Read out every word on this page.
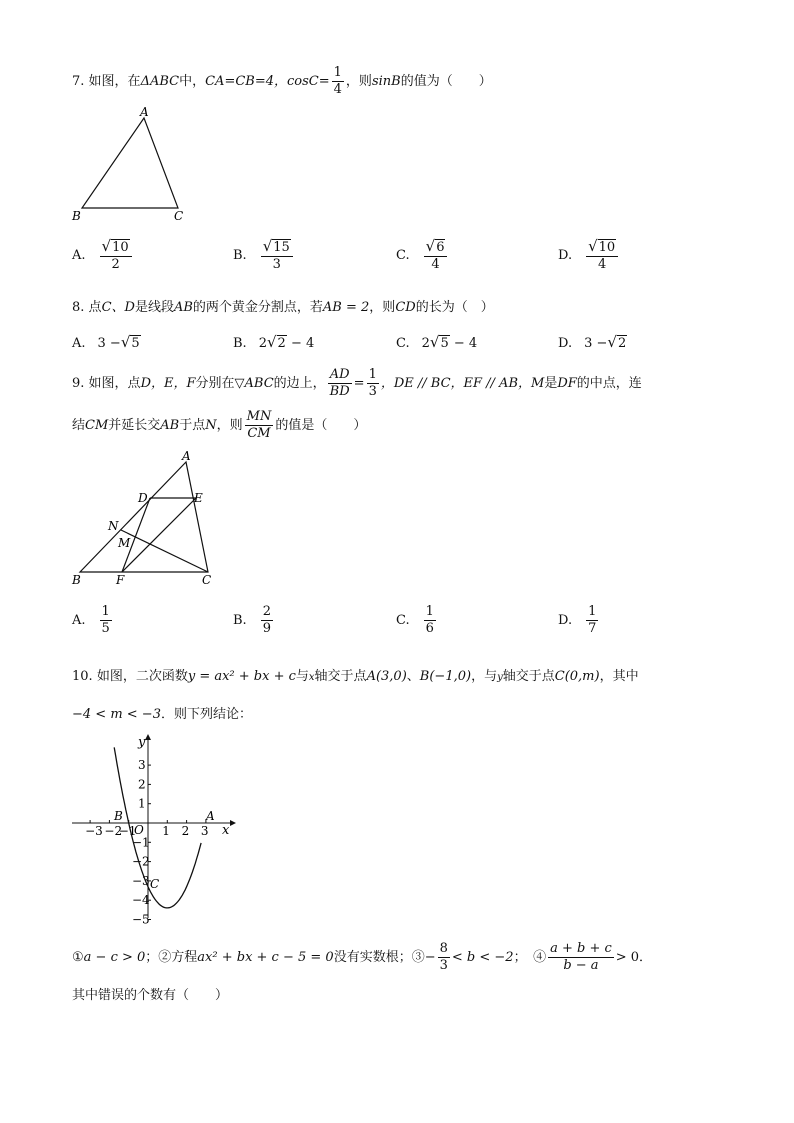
7. 如图，在ΔABC中，CA=CB=4，$\cos C= \frac{1}{4}$ ，则sinB的值为（　　）
A
B	C
A. $\frac{√10}{2}$	B. $\frac{√15}{3}$	C. $\frac{√6}{4}$	D. $\frac{√10}{4}$
8. 点C、D是线段AB的两个黄金分割点，若AB = 2，则CD的长为（　）
A. 3 −√5	B. 2√2 − 4	C. 2√5 − 4	D. 3 −√2
9. 如图，点D，E，F分别在▽ABC的边上， $\frac{AD}{BD} = \frac{1}{3}$ ，DE // BC，EF // AB，M是DF的中点，连
结CM并延长交AB于点N，则 $\frac{MN}{CM}$ 的值是（　　）
A
B	C
D	E
F
N
M
A. $\frac{1}{5}$	B. $\frac{2}{9}$	C. $\frac{1}{6}$	D. $\frac{1}{7}$
10. 如图，二次函数y = ax² + bx + c与x轴交于点A(3,0)、B(−1,0)，与y轴交于点C(0,m)，其中
−4 < m < −3．则下列结论：
−3 −2
−1 1 2 3
3
2
1
−1
−2
−3
−4
−5
y
x
O
A
B
C
①a − c > 0；②方程ax² + bx + c − 5 = 0没有实数根；③− $\frac{8}{3} < b < -2$；　④ $\frac{a + b + c}{b - a} > 0$．
其中错误的个数有（　　）
